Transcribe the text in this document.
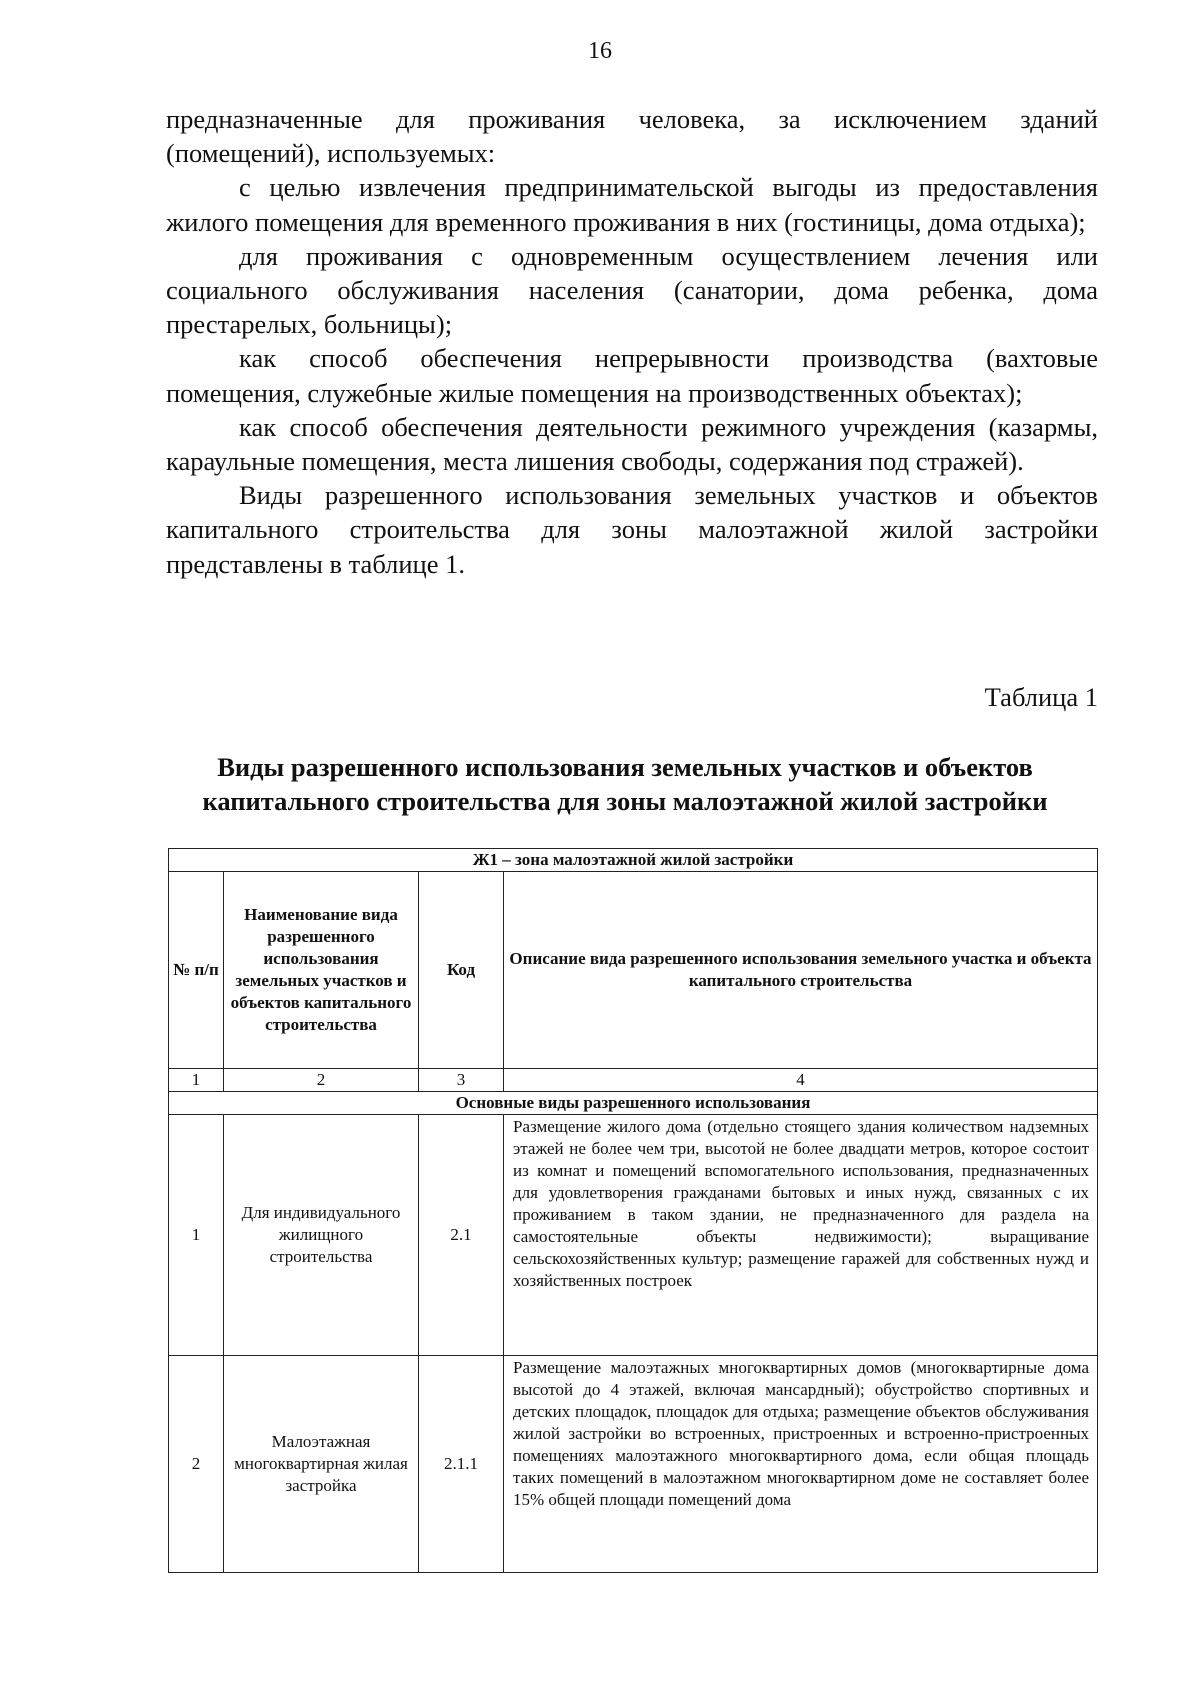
16

предназначенные для проживания человека, за исключением зданий (помещений), используемых:

с целью извлечения предпринимательской выгоды из предоставления жилого помещения для временного проживания в них (гостиницы, дома отдыха);

для проживания с одновременным осуществлением лечения или социального обслуживания населения (санатории, дома ребенка, дома престарелых, больницы);

как способ обеспечения непрерывности производства (вахтовые помещения, служебные жилые помещения на производственных объектах);

как способ обеспечения деятельности режимного учреждения (казармы, караульные помещения, места лишения свободы, содержания под стражей).

Виды разрешенного использования земельных участков и объектов капитального строительства для зоны малоэтажной жилой застройки представлены в таблице 1.

Таблица 1
Виды разрешенного использования земельных участков и объектов
капитального строительства для зоны малоэтажной жилой застройки
Ж1 – зона малоэтажной жилой застройки			
№ п/п	Наименование вида разрешенного использования земельных участков и объектов капитального строительства	Код	Описание вида разрешенного использования земельного участка и объекта капитального строительства
1	2	3	4
Основные виды разрешенного использования			
1	Для индивидуального жилищного строительства	2.1	Размещение жилого дома (отдельно стоящего здания количеством надземных этажей не более чем три, высотой не более двадцати метров, которое состоит из комнат и помещений вспомогательного использования, предназначенных для удовлетворения гражданами бытовых и иных нужд, связанных с их проживанием в таком здании, не предназначенного для раздела на самостоятельные объекты недвижимости); выращивание сельскохозяйственных культур; размещение гаражей для собственных нужд и хозяйственных построек
2	Малоэтажная многоквартирная жилая застройка	2.1.1	Размещение малоэтажных многоквартирных домов (многоквартирные дома высотой до 4 этажей, включая мансардный); обустройство спортивных и детских площадок, площадок для отдыха; размещение объектов обслуживания жилой застройки во встроенных, пристроенных и встроенно-пристроенных помещениях малоэтажного многоквартирного дома, если общая площадь таких помещений в малоэтажном многоквартирном доме не составляет более 15% общей площади помещений дома
